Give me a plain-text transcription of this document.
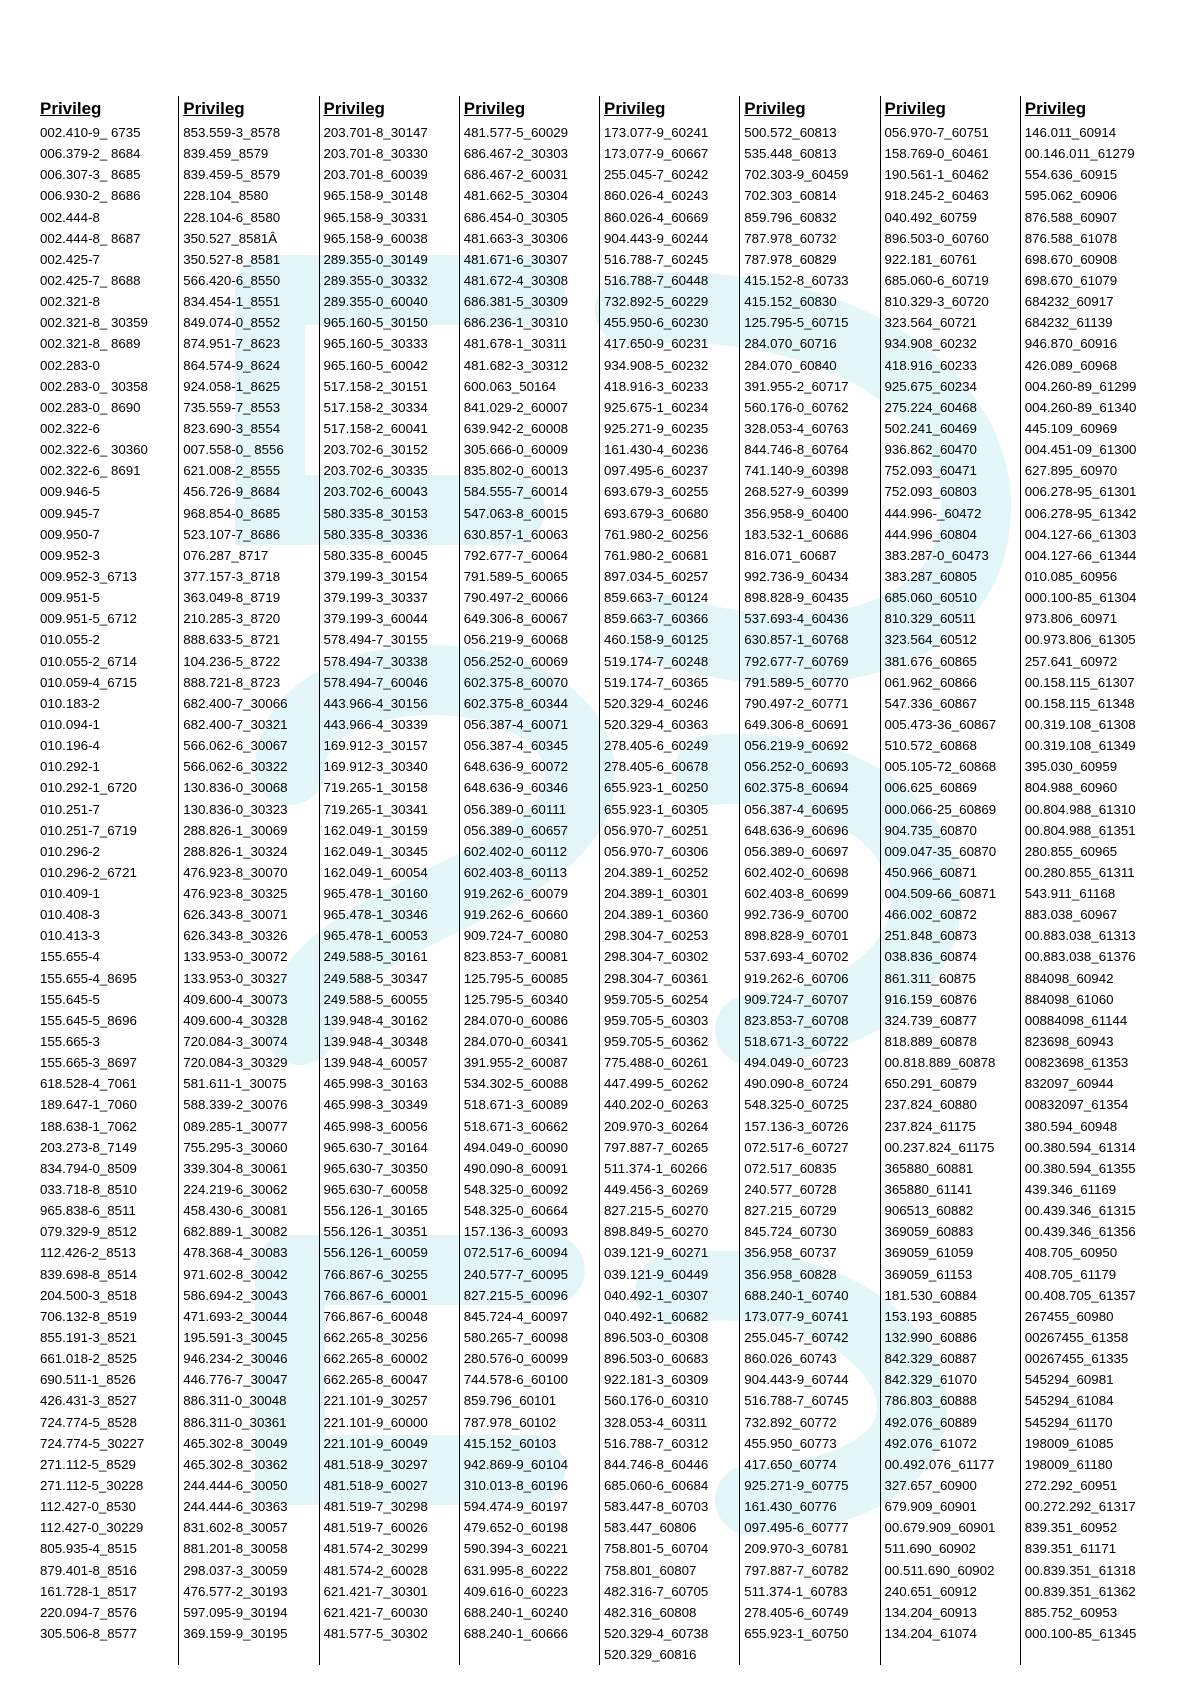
Privileg
002.410-9_ 6735
006.379-2_ 8684
006.307-3_ 8685
006.930-2_ 8686
002.444-8
002.444-8_ 8687
002.425-7
002.425-7_ 8688
002.321-8
002.321-8_ 30359
002.321-8_ 8689
002.283-0
002.283-0_ 30358
002.283-0_ 8690
002.322-6
002.322-6_ 30360
002.322-6_ 8691
009.946-5
009.945-7
009.950-7
009.952-3
009.952-3_6713
009.951-5
009.951-5_6712
010.055-2
010.055-2_6714
010.059-4_6715
010.183-2
010.094-1
010.196-4
010.292-1
010.292-1_6720
010.251-7
010.251-7_6719
010.296-2
010.296-2_6721
010.409-1
010.408-3
010.413-3
155.655-4
155.655-4_8695
155.645-5
155.645-5_8696
155.665-3
155.665-3_8697
618.528-4_7061
189.647-1_7060
188.638-1_7062
203.273-8_7149
834.794-0_8509
033.718-8_8510
965.838-6_8511
079.329-9_8512
112.426-2_8513
839.698-8_8514
204.500-3_8518
706.132-8_8519
855.191-3_8521
661.018-2_8525
690.511-1_8526
426.431-3_8527
724.774-5_8528
724.774-5_30227
271.112-5_8529
271.112-5_30228
112.427-0_8530
112.427-0_30229
805.935-4_8515
879.401-8_8516
161.728-1_8517
220.094-7_8576
305.506-8_8577
Privileg
853.559-3_8578
839.459_8579
839.459-5_8579
228.104_8580
228.104-6_8580
350.527_8581Â
350.527-8_8581
566.420-6_8550
834.454-1_8551
849.074-0_8552
874.951-7_8623
864.574-9_8624
924.058-1_8625
735.559-7_8553
823.690-3_8554
007.558-0_ 8556
621.008-2_8555
456.726-9_8684
968.854-0_8685
523.107-7_8686
076.287_8717
377.157-3_8718
363.049-8_8719
210.285-3_8720
888.633-5_8721
104.236-5_8722
888.721-8_8723
682.400-7_30066
682.400-7_30321
566.062-6_30067
566.062-6_30322
130.836-0_30068
130.836-0_30323
288.826-1_30069
288.826-1_30324
476.923-8_30070
476.923-8_30325
626.343-8_30071
626.343-8_30326
133.953-0_30072
133.953-0_30327
409.600-4_30073
409.600-4_30328
720.084-3_30074
720.084-3_30329
581.611-1_30075
588.339-2_30076
089.285-1_30077
755.295-3_30060
339.304-8_30061
224.219-6_30062
458.430-6_30081
682.889-1_30082
478.368-4_30083
971.602-8_30042
586.694-2_30043
471.693-2_30044
195.591-3_30045
946.234-2_30046
446.776-7_30047
886.311-0_30048
886.311-0_30361
465.302-8_30049
465.302-8_30362
244.444-6_30050
244.444-6_30363
831.602-8_30057
881.201-8_30058
298.037-3_30059
476.577-2_30193
597.095-9_30194
369.159-9_30195
Privileg
203.701-8_30147
203.701-8_30330
203.701-8_60039
965.158-9_30148
965.158-9_30331
965.158-9_60038
289.355-0_30149
289.355-0_30332
289.355-0_60040
965.160-5_30150
965.160-5_30333
965.160-5_60042
517.158-2_30151
517.158-2_30334
517.158-2_60041
203.702-6_30152
203.702-6_30335
203.702-6_60043
580.335-8_30153
580.335-8_30336
580.335-8_60045
379.199-3_30154
379.199-3_30337
379.199-3_60044
578.494-7_30155
578.494-7_30338
578.494-7_60046
443.966-4_30156
443.966-4_30339
169.912-3_30157
169.912-3_30340
719.265-1_30158
719.265-1_30341
162.049-1_30159
162.049-1_30345
162.049-1_60054
965.478-1_30160
965.478-1_30346
965.478-1_60053
249.588-5_30161
249.588-5_30347
249.588-5_60055
139.948-4_30162
139.948-4_30348
139.948-4_60057
465.998-3_30163
465.998-3_30349
465.998-3_60056
965.630-7_30164
965.630-7_30350
965.630-7_60058
556.126-1_30165
556.126-1_30351
556.126-1_60059
766.867-6_30255
766.867-6_60001
766.867-6_60048
662.265-8_30256
662.265-8_60002
662.265-8_60047
221.101-9_30257
221.101-9_60000
221.101-9_60049
481.518-9_30297
481.518-9_60027
481.519-7_30298
481.519-7_60026
481.574-2_30299
481.574-2_60028
621.421-7_30301
621.421-7_60030
481.577-5_30302
Privileg
481.577-5_60029
686.467-2_30303
686.467-2_60031
481.662-5_30304
686.454-0_30305
481.663-3_30306
481.671-6_30307
481.672-4_30308
686.381-5_30309
686.236-1_30310
481.678-1_30311
481.682-3_30312
600.063_50164
841.029-2_60007
639.942-2_60008
305.666-0_60009
835.802-0_60013
584.555-7_60014
547.063-8_60015
630.857-1_60063
792.677-7_60064
791.589-5_60065
790.497-2_60066
649.306-8_60067
056.219-9_60068
056.252-0_60069
602.375-8_60070
602.375-8_60344
056.387-4_60071
056.387-4_60345
648.636-9_60072
648.636-9_60346
056.389-0_60111
056.389-0_60657
602.402-0_60112
602.403-8_60113
919.262-6_60079
919.262-6_60660
909.724-7_60080
823.853-7_60081
125.795-5_60085
125.795-5_60340
284.070-0_60086
284.070-0_60341
391.955-2_60087
534.302-5_60088
518.671-3_60089
518.671-3_60662
494.049-0_60090
490.090-8_60091
548.325-0_60092
548.325-0_60664
157.136-3_60093
072.517-6_60094
240.577-7_60095
827.215-5_60096
845.724-4_60097
580.265-7_60098
280.576-0_60099
744.578-6_60100
859.796_60101
787.978_60102
415.152_60103
942.869-9_60104
310.013-8_60196
594.474-9_60197
479.652-0_60198
590.394-3_60221
631.995-8_60222
409.616-0_60223
688.240-1_60240
688.240-1_60666
Privileg
173.077-9_60241
173.077-9_60667
255.045-7_60242
860.026-4_60243
860.026-4_60669
904.443-9_60244
516.788-7_60245
516.788-7_60448
732.892-5_60229
455.950-6_60230
417.650-9_60231
934.908-5_60232
418.916-3_60233
925.675-1_60234
925.271-9_60235
161.430-4_60236
097.495-6_60237
693.679-3_60255
693.679-3_60680
761.980-2_60256
761.980-2_60681
897.034-5_60257
859.663-7_60124
859.663-7_60366
460.158-9_60125
519.174-7_60248
519.174-7_60365
520.329-4_60246
520.329-4_60363
278.405-6_60249
278.405-6_60678
655.923-1_60250
655.923-1_60305
056.970-7_60251
056.970-7_60306
204.389-1_60252
204.389-1_60301
204.389-1_60360
298.304-7_60253
298.304-7_60302
298.304-7_60361
959.705-5_60254
959.705-5_60303
959.705-5_60362
775.488-0_60261
447.499-5_60262
440.202-0_60263
209.970-3_60264
797.887-7_60265
511.374-1_60266
449.456-3_60269
827.215-5_60270
898.849-5_60270
039.121-9_60271
039.121-9_60449
040.492-1_60307
040.492-1_60682
896.503-0_60308
896.503-0_60683
922.181-3_60309
560.176-0_60310
328.053-4_60311
516.788-7_60312
844.746-8_60446
685.060-6_60684
583.447-8_60703
583.447_60806
758.801-5_60704
758.801_60807
482.316-7_60705
482.316_60808
520.329-4_60738
520.329_60816
Privileg
500.572_60813
535.448_60813
702.303-9_60459
702.303_60814
859.796_60832
787.978_60732
787.978_60829
415.152-8_60733
415.152_60830
125.795-5_60715
284.070_60716
284.070_60840
391.955-2_60717
560.176-0_60762
328.053-4_60763
844.746-8_60764
741.140-9_60398
268.527-9_60399
356.958-9_60400
183.532-1_60686
816.071_60687
992.736-9_60434
898.828-9_60435
537.693-4_60436
630.857-1_60768
792.677-7_60769
791.589-5_60770
790.497-2_60771
649.306-8_60691
056.219-9_60692
056.252-0_60693
602.375-8_60694
056.387-4_60695
648.636-9_60696
056.389-0_60697
602.402-0_60698
602.403-8_60699
992.736-9_60700
898.828-9_60701
537.693-4_60702
919.262-6_60706
909.724-7_60707
823.853-7_60708
518.671-3_60722
494.049-0_60723
490.090-8_60724
548.325-0_60725
157.136-3_60726
072.517-6_60727
072.517_60835
240.577_60728
827.215_60729
845.724_60730
356.958_60737
356.958_60828
688.240-1_60740
173.077-9_60741
255.045-7_60742
860.026_60743
904.443-9_60744
516.788-7_60745
732.892_60772
455.950_60773
417.650_60774
925.271-9_60775
161.430_60776
097.495-6_60777
209.970-3_60781
797.887-7_60782
511.374-1_60783
278.405-6_60749
655.923-1_60750
Privileg
056.970-7_60751
158.769-0_60461
190.561-1_60462
918.245-2_60463
040.492_60759
896.503-0_60760
922.181_60761
685.060-6_60719
810.329-3_60720
323.564_60721
934.908_60232
418.916_60233
925.675_60234
275.224_60468
502.241_60469
936.862_60470
752.093_60471
752.093_60803
444.996-_60472
444.996_60804
383.287-0_60473
383.287_60805
685.060_60510
810.329_60511
323.564_60512
381.676_60865
061.962_60866
547.336_60867
005.473-36_60867
510.572_60868
005.105-72_60868
006.625_60869
000.066-25_60869
904.735_60870
009.047-35_60870
450.966_60871
004.509-66_60871
466.002_60872
251.848_60873
038.836_60874
861.311_60875
916.159_60876
324.739_60877
818.889_60878
00.818.889_60878
650.291_60879
237.824_60880
237.824_61175
00.237.824_61175
365880_60881
365880_61141
906513_60882
369059_60883
369059_61059
369059_61153
181.530_60884
153.193_60885
132.990_60886
842.329_60887
842.329_61070
786.803_60888
492.076_60889
492.076_61072
00.492.076_61177
327.657_60900
679.909_60901
00.679.909_60901
511.690_60902
00.511.690_60902
240.651_60912
134.204_60913
134.204_61074
Privileg
146.011_60914
00.146.011_61279
554.636_60915
595.062_60906
876.588_60907
876.588_61078
698.670_60908
698.670_61079
684232_60917
684232_61139
946.870_60916
426.089_60968
004.260-89_61299
004.260-89_61340
445.109_60969
004.451-09_61300
627.895_60970
006.278-95_61301
006.278-95_61342
004.127-66_61303
004.127-66_61344
010.085_60956
000.100-85_61304
973.806_60971
00.973.806_61305
257.641_60972
00.158.115_61307
00.158.115_61348
00.319.108_61308
00.319.108_61349
395.030_60959
804.988_60960
00.804.988_61310
00.804.988_61351
280.855_60965
00.280.855_61311
543.911_61168
883.038_60967
00.883.038_61313
00.883.038_61376
884098_60942
884098_61060
00884098_61144
823698_60943
00823698_61353
832097_60944
00832097_61354
380.594_60948
00.380.594_61314
00.380.594_61355
439.346_61169
00.439.346_61315
00.439.346_61356
408.705_60950
408.705_61179
00.408.705_61357
267455_60980
00267455_61358
00267455_61335
545294_60981
545294_61084
545294_61170
198009_61085
198009_61180
272.292_60951
00.272.292_61317
839.351_60952
839.351_61171
00.839.351_61318
00.839.351_61362
885.752_60953
000.100-85_61345
